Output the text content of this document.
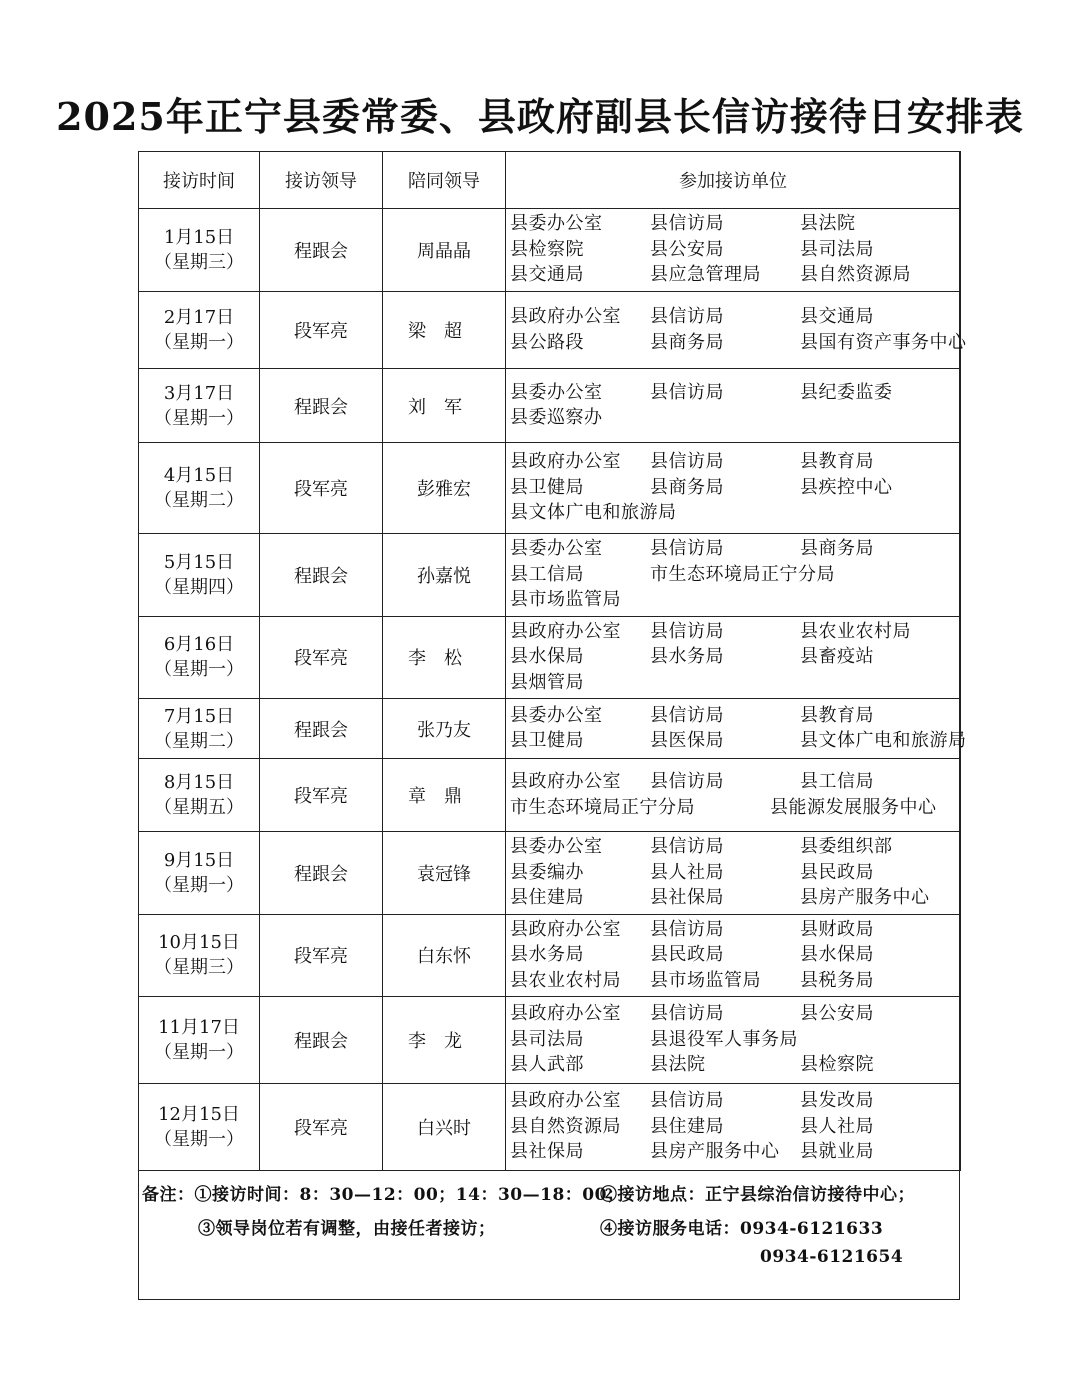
2025年正宁县委常委、县政府副县长信访接待日安排表
接访时间	接访领导	陪同领导	参加接访单位

1月15日
（星期三）	程跟会	周晶晶	县委办公室 县信访局 县法院
县检察院 县公安局 县司法局
县交通局 县应急管理局 县自然资源局

2月17日
（星期一）	段军亮	梁超	县政府办公室 县信访局 县交通局
县公路段 县商务局 县国有资产事务中心

3月17日
（星期一）	程跟会	刘军	县委办公室 县信访局 县纪委监委
县委巡察办

4月15日
（星期二）	段军亮	彭雅宏	县政府办公室 县信访局 县教育局
县卫健局 县商务局 县疾控中心
县文体广电和旅游局

5月15日
（星期四）	程跟会	孙嘉悦	县委办公室 县信访局 县商务局
县工信局 市生态环境局正宁分局
县市场监管局

6月16日
（星期一）	段军亮	李松	县政府办公室 县信访局 县农业农村局
县水保局 县水务局 县畜疫站
县烟管局

7月15日
（星期二）	程跟会	张乃友	县委办公室 县信访局 县教育局
县卫健局 县医保局 县文体广电和旅游局

8月15日
（星期五）	段军亮	章鼎	县政府办公室 县信访局 县工信局
市生态环境局正宁分局 县能源发展服务中心

9月15日
（星期一）	程跟会	袁冠锋	县委办公室 县信访局 县委组织部
县委编办 县人社局 县民政局
县住建局 县社保局 县房产服务中心

10月15日
（星期三）	段军亮	白东怀	县政府办公室 县信访局 县财政局
县水务局 县民政局 县水保局
县农业农村局 县市场监管局 县税务局

11月17日
（星期一）	程跟会	李龙	县政府办公室 县信访局 县公安局
县司法局 县退役军人事务局
县人武部 县法院 县检察院

12月15日
（星期一）	段军亮	白兴时	县政府办公室 县信访局 县发改局
县自然资源局 县住建局 县人社局
县社保局 县房产服务中心 县就业局
备注：①接访时间：8：30—12：00；14：30—18：00；
②接访地点：正宁县综治信访接待中心；
③领导岗位若有调整，由接任者接访；	④接访服务电话：0934-6121633
0934-6121654
